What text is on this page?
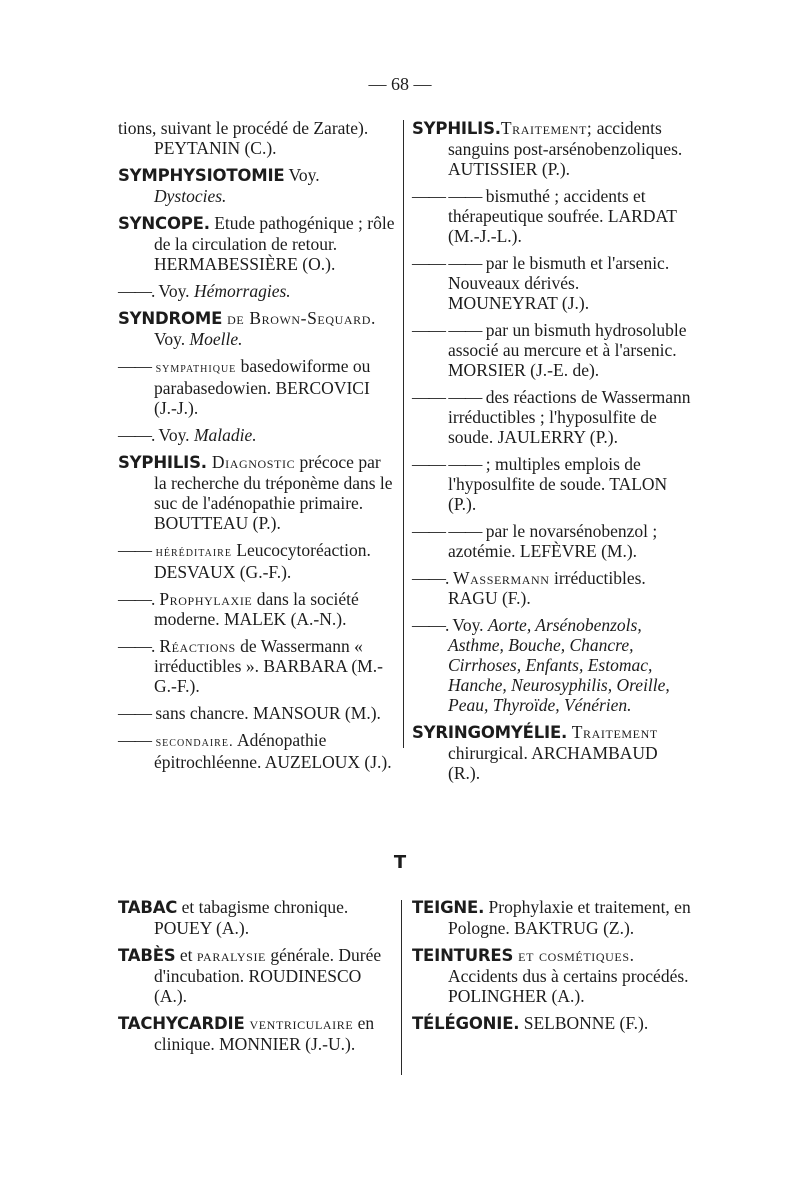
— 68 —

tions, suivant le procédé de Zarate). PEYTANIN (C.).

SYMPHYSIOTOMIE Voy. Dystocies.

SYNCOPE. Etude pathogénique ; rôle de la circulation de retour. HERMABESSIÈRE (O.).

——. Voy. Hémorragies.

SYNDROME de Brown-Sequard. Voy. Moelle.

—— sympathique basedowiforme ou parabasedowien. BERCOVICI (J.-J.).

——. Voy. Maladie.

SYPHILIS. Diagnostic précoce par la recherche du tréponème dans le suc de l'adénopathie primaire. BOUTTEAU (P.).

—— héréditaire Leucocytoréaction. DESVAUX (G.-F.).

——. Prophylaxie dans la société moderne. MALEK (A.-N.).

——. Réactions de Wassermann « irréductibles ». BARBARA (M.-G.-F.).

—— sans chancre. MANSOUR (M.).

—— secondaire. Adénopathie épitrochléenne. AUZELOUX (J.).

SYPHILIS.Traitement; accidents sanguins post-arsénobenzoliques. AUTISSIER (P.).

—— —— bismuthé ; accidents et thérapeutique soufrée. LARDAT (M.-J.-L.).

—— —— par le bismuth et l'arsenic. Nouveaux dérivés. MOUNEYRAT (J.).

—— —— par un bismuth hydrosoluble associé au mercure et à l'arsenic. MORSIER (J.-E. de).

—— —— des réactions de Wassermann irréductibles ; l'hyposulfite de soude. JAULERRY (P.).

—— —— ; multiples emplois de l'hyposulfite de soude. TALON (P.).

—— —— par le novarsénobenzol ; azotémie. LEFÈVRE (M.).

——. Wassermann irréductibles. RAGU (F.).

——. Voy. Aorte, Arsénobenzols, Asthme, Bouche, Chancre, Cirrhoses, Enfants, Estomac, Hanche, Neurosyphilis, Oreille, Peau, Thyroïde, Vénérien.

SYRINGOMYÉLIE. Traitement chirurgical. ARCHAMBAUD (R.).

T

TABAC et tabagisme chronique. POUEY (A.).

TABÈS et paralysie générale. Durée d'incubation. ROUDINESCO (A.).

TACHYCARDIE ventriculaire en clinique. MONNIER (J.-U.).

TEIGNE. Prophylaxie et traitement, en Pologne. BAKTRUG (Z.).

TEINTURES et cosmétiques. Accidents dus à certains procédés. POLINGHER (A.).

TÉLÉGONIE. SELBONNE (F.).
